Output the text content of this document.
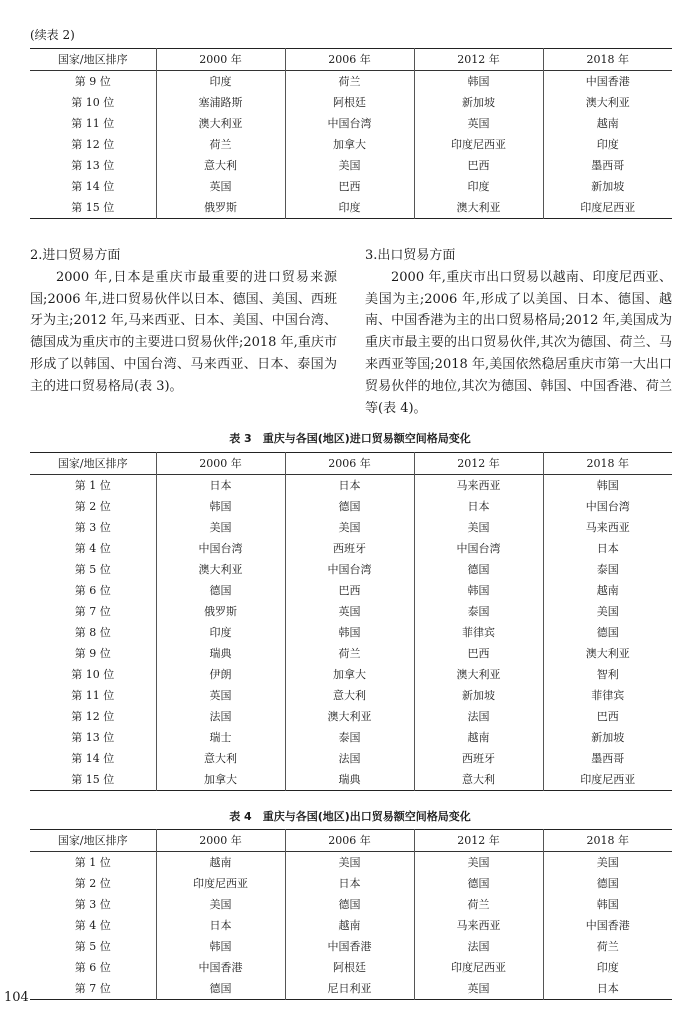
(续表 2)

国家/地区排序	2000 年	2006 年	2012 年	2018 年
第 9 位	印度	荷兰	韩国	中国香港
第 10 位	塞浦路斯	阿根廷	新加坡	澳大利亚
第 11 位	澳大利亚	中国台湾	英国	越南
第 12 位	荷兰	加拿大	印度尼西亚	印度
第 13 位	意大利	美国	巴西	墨西哥
第 14 位	英国	巴西	印度	新加坡
第 15 位	俄罗斯	印度	澳大利亚	印度尼西亚
2.进口贸易方面

2000 年,日本是重庆市最重要的进口贸易来源国;2006 年,进口贸易伙伴以日本、德国、美国、西班牙为主;2012 年,马来西亚、日本、美国、中国台湾、德国成为重庆市的主要进口贸易伙伴;2018 年,重庆市形成了以韩国、中国台湾、马来西亚、日本、泰国为主的进口贸易格局(表 3)。

3.出口贸易方面

2000 年,重庆市出口贸易以越南、印度尼西亚、美国为主;2006 年,形成了以美国、日本、德国、越南、中国香港为主的出口贸易格局;2012 年,美国成为重庆市最主要的出口贸易伙伴,其次为德国、荷兰、马来西亚等国;2018 年,美国依然稳居重庆市第一大出口贸易伙伴的地位,其次为德国、韩国、中国香港、荷兰等(表 4)。

表 3　重庆与各国(地区)进口贸易额空间格局变化

国家/地区排序	2000 年	2006 年	2012 年	2018 年
第 1 位	日本	日本	马来西亚	韩国
第 2 位	韩国	德国	日本	中国台湾
第 3 位	美国	美国	美国	马来西亚
第 4 位	中国台湾	西班牙	中国台湾	日本
第 5 位	澳大利亚	中国台湾	德国	泰国
第 6 位	德国	巴西	韩国	越南
第 7 位	俄罗斯	英国	泰国	美国
第 8 位	印度	韩国	菲律宾	德国
第 9 位	瑞典	荷兰	巴西	澳大利亚
第 10 位	伊朗	加拿大	澳大利亚	智利
第 11 位	英国	意大利	新加坡	菲律宾
第 12 位	法国	澳大利亚	法国	巴西
第 13 位	瑞士	泰国	越南	新加坡
第 14 位	意大利	法国	西班牙	墨西哥
第 15 位	加拿大	瑞典	意大利	印度尼西亚

表 4　重庆与各国(地区)出口贸易额空间格局变化

国家/地区排序	2000 年	2006 年	2012 年	2018 年
第 1 位	越南	美国	美国	美国
第 2 位	印度尼西亚	日本	德国	德国
第 3 位	美国	德国	荷兰	韩国
第 4 位	日本	越南	马来西亚	中国香港
第 5 位	韩国	中国香港	法国	荷兰
第 6 位	中国香港	阿根廷	印度尼西亚	印度
第 7 位	德国	尼日利亚	英国	日本

104
